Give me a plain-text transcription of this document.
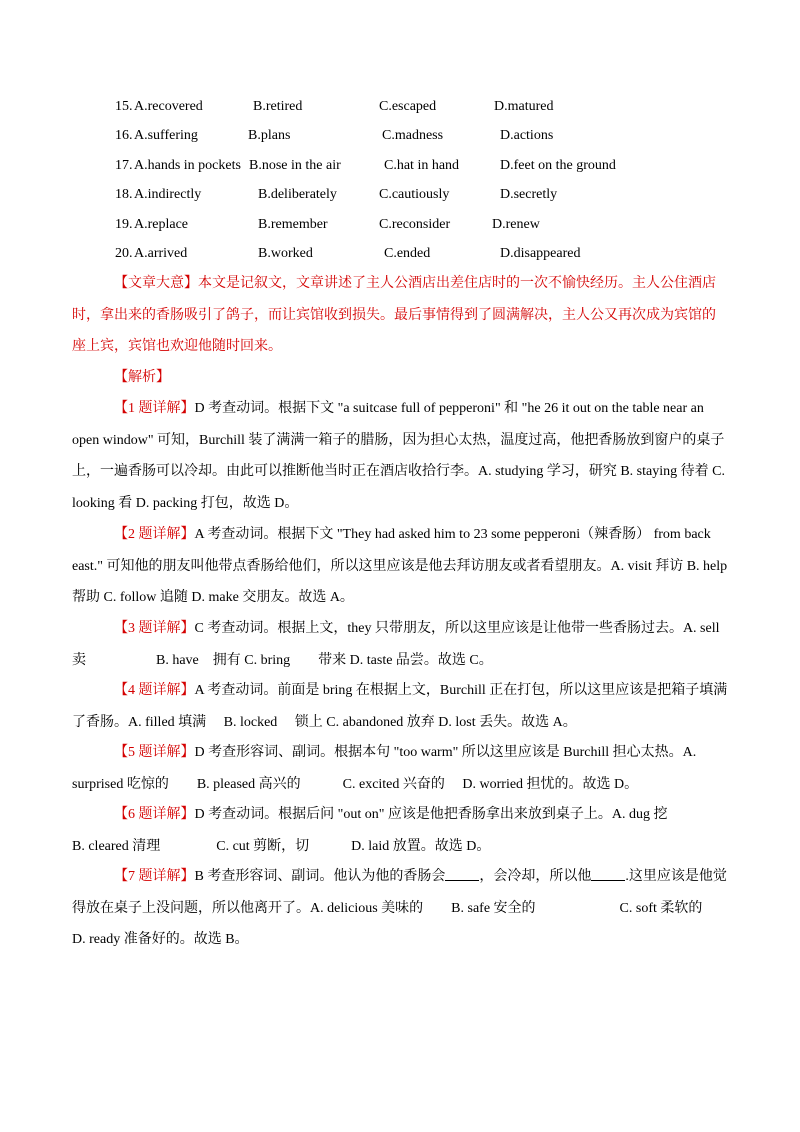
15. A.recovered	B.retired	C.escaped	D.matured
16. A.suffering	B.plans	C.madness	D.actions
17. A.hands in pockets B.nose in the air	C.hat in hand	D.feet on the ground
18. A.indirectly	B.deliberately	C.cautiously	D.secretly
19. A.replace	B.remember	C.reconsider	D.renew
20. A.arrived	B.worked	C.ended	D.disappeared
【文章大意】本文是记叙文，文章讲述了主人公酒店出差住店时的一次不愉快经历。主人公住酒店时，拿出来的香肠吸引了鸽子，而让宾馆收到损失。最后事情得到了圆满解决，主人公又再次成为宾馆的座上宾，宾馆也欢迎他随时回来。
【解析】
【1 题详解】D 考查动词。根据下文 "a suitcase full of pepperoni" 和 "he 26 it out on the table near an open window" 可知，Burchill 装了满满一箱子的腊肠，因为担心太热，温度过高，他把香肠放到窗户的桌子上，一遍香肠可以冷却。由此可以推断他当时正在酒店收拾行李。A. studying 学习，研究 B. staying 待着 C. looking 看 D. packing 打包，故选 D。
【2 题详解】A 考查动词。根据下文 "They had asked him to 23 some pepperoni（辣香肠） from back east." 可知他的朋友叫他带点香肠给他们，所以这里应该是他去拜访朋友或者看望朋友。A. visit 拜访 B. help 帮助 C. follow 追随 D. make 交朋友。故选 A。
【3 题详解】C 考查动词。根据上文，they 只带朋友，所以这里应该是让他带一些香肠过去。A. sell 卖　　　　　B. have　拥有 C. bring　　带来 D. taste 品尝。故选 C。
【4 题详解】A 考查动词。前面是 bring 在根据上文，Burchill 正在打包，所以这里应该是把箱子填满了香肠。A. filled 填满　 B. locked　 锁上 C. abandoned 放弃 D. lost 丢失。故选 A。
【5 题详解】D 考查形容词、副词。根据本句 "too warm" 所以这里应该是 Burchill 担心太热。A. surprised 吃惊的　　B. pleased 高兴的　　　C. excited 兴奋的　 D. worried 担忧的。故选 D。
【6 题详解】D 考查动词。根据后问 "out on" 应该是他把香肠拿出来放到桌子上。A. dug 挖　　　　　B. cleared 清理　　　　C. cut 剪断，切　　　D. laid 放置。故选 D。
【7 题详解】B 考查形容词、副词。他认为他的香肠会 ，会冷却，所以他 .这里应该是他觉得放在桌子上没问题，所以他离开了。A. delicious 美味的　　B. safe 安全的　　　　　　C. soft 柔软的　　　　D. ready 准备好的。故选 B。
